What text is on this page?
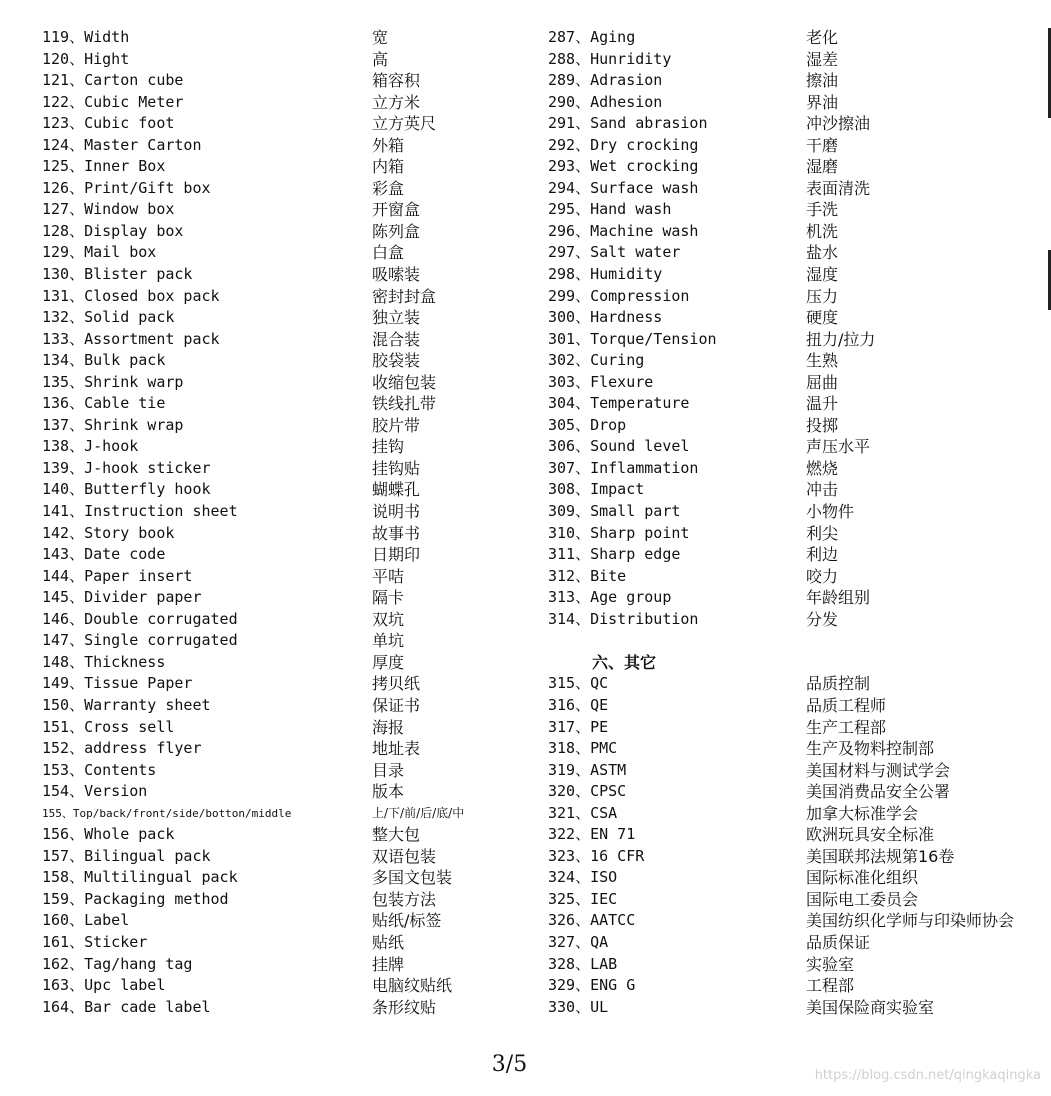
119、Width	宽
120、Hight	高
121、Carton cube	箱容积
122、Cubic Meter	立方米
123、Cubic foot	立方英尺
124、Master Carton	外箱
125、Inner Box	内箱
126、Print/Gift box	彩盒
127、Window box	开窗盒
128、Display box	陈列盒
129、Mail box	白盒
130、Blister pack	吸嗦装
131、Closed box pack	密封封盒
132、Solid pack	独立装
133、Assortment pack	混合装
134、Bulk pack	胶袋装
135、Shrink warp	收缩包装
136、Cable tie	铁线扎带
137、Shrink wrap	胶片带
138、J-hook	挂钩
139、J-hook sticker	挂钩贴
140、Butterfly hook	蝴蝶孔
141、Instruction sheet	说明书
142、Story book	故事书
143、Date code	日期印
144、Paper insert	平咭
145、Divider paper	隔卡
146、Double corrugated	双坑
147、Single corrugated	单坑
148、Thickness	厚度
149、Tissue Paper	拷贝纸
150、Warranty sheet	保证书
151、Cross sell	海报
152、address flyer	地址表
153、Contents	目录
154、Version	版本
155、Top/back/front/side/botton/middle	上/下/前/后/底/中
156、Whole pack	整大包
157、Bilingual pack	双语包装
158、Multilingual pack	多国文包装
159、Packaging method	包装方法
160、Label	贴纸/标签
161、Sticker	贴纸
162、Tag/hang tag	挂牌
163、Upc label	电脑纹贴纸
164、Bar cade label	条形纹贴
287、Aging	老化
288、Hunridity	湿差
289、Adrasion	擦油
290、Adhesion	界油
291、Sand abrasion	冲沙擦油
292、Dry crocking	干磨
293、Wet crocking	湿磨
294、Surface wash	表面清洗
295、Hand wash	手洗
296、Machine wash	机洗
297、Salt water	盐水
298、Humidity	湿度
299、Compression	压力
300、Hardness	硬度
301、Torque/Tension	扭力/拉力
302、Curing	生熟
303、Flexure	屈曲
304、Temperature	温升
305、Drop	投掷
306、Sound level	声压水平
307、Inflammation	燃烧
308、Impact	冲击
309、Small part	小物件
310、Sharp point	利尖
311、Sharp edge	利边
312、Bite	咬力
313、Age group	年龄组别
314、Distribution	分发
六、其它
315、QC	品质控制
316、QE	品质工程师
317、PE	生产工程部
318、PMC	生产及物料控制部
319、ASTM	美国材料与测试学会
320、CPSC	美国消费品安全公署
321、CSA	加拿大标准学会
322、EN 71	欧洲玩具安全标准
323、16 CFR	美国联邦法规第16卷
324、ISO	国际标准化组织
325、IEC	国际电工委员会
326、AATCC	美国纺织化学师与印染师协会
327、QA	品质保证
328、LAB	实验室
329、ENG G	工程部
330、UL	美国保险商实验室
3/5	https://blog.csdn.net/qingkaqingka
